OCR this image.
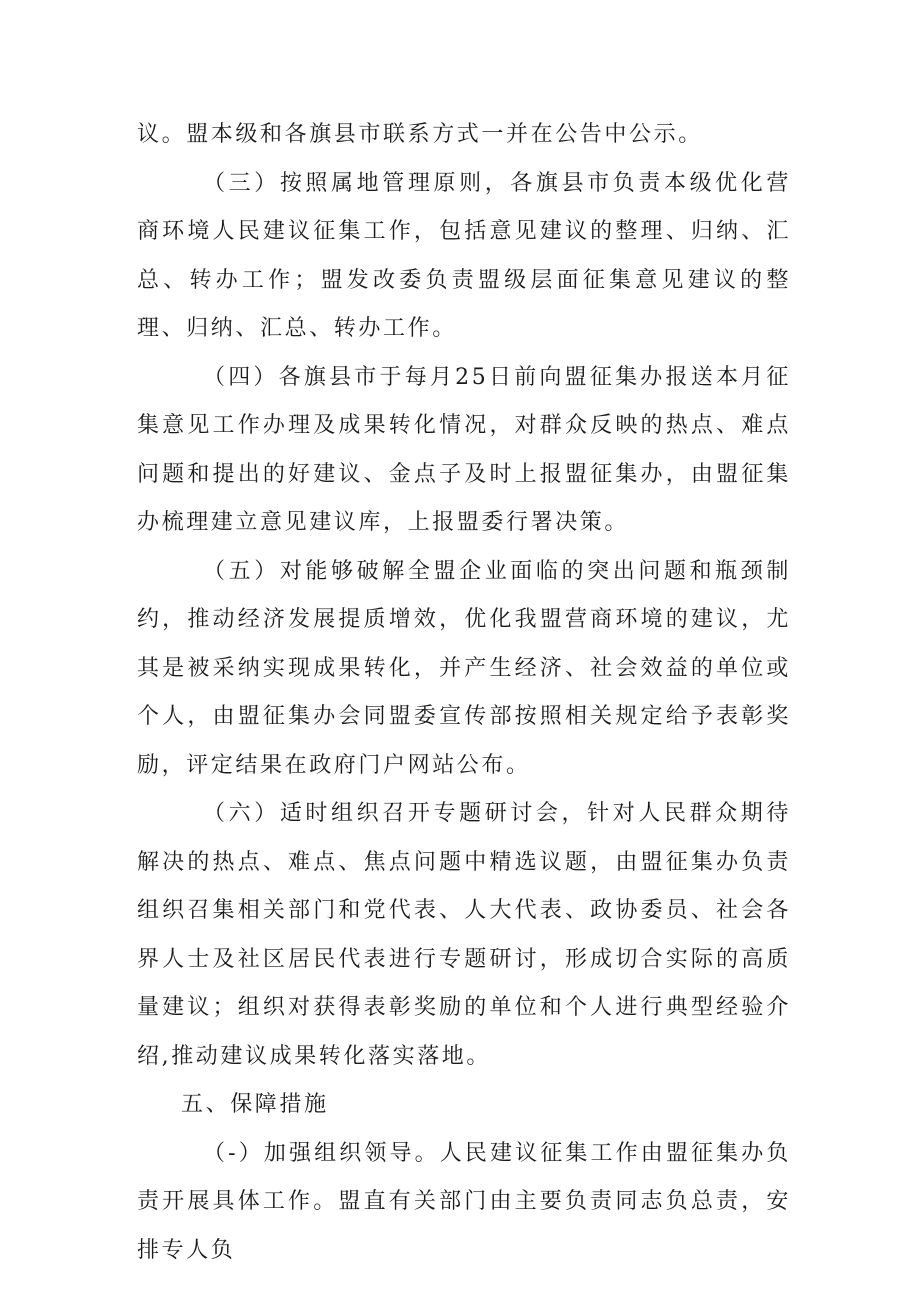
议。盟本级和各旗县市联系方式一并在公告中公示。

（三）按照属地管理原则，各旗县市负责本级优化营商环境人民建议征集工作，包括意见建议的整理、归纳、汇总、转办工作；盟发改委负责盟级层面征集意见建议的整理、归纳、汇总、转办工作。

（四）各旗县市于每月25日前向盟征集办报送本月征集意见工作办理及成果转化情况，对群众反映的热点、难点问题和提出的好建议、金点子及时上报盟征集办，由盟征集办梳理建立意见建议库，上报盟委行署决策。

（五）对能够破解全盟企业面临的突出问题和瓶颈制约，推动经济发展提质增效，优化我盟营商环境的建议，尤其是被采纳实现成果转化，并产生经济、社会效益的单位或个人，由盟征集办会同盟委宣传部按照相关规定给予表彰奖励，评定结果在政府门户网站公布。

（六）适时组织召开专题研讨会，针对人民群众期待解决的热点、难点、焦点问题中精选议题，由盟征集办负责组织召集相关部门和党代表、人大代表、政协委员、社会各界人士及社区居民代表进行专题研讨，形成切合实际的高质量建议；组织对获得表彰奖励的单位和个人进行典型经验介绍,推动建议成果转化落实落地。

五、保障措施

（-）加强组织领导。人民建议征集工作由盟征集办负责开展具体工作。盟直有关部门由主要负责同志负总责，安排专人负
